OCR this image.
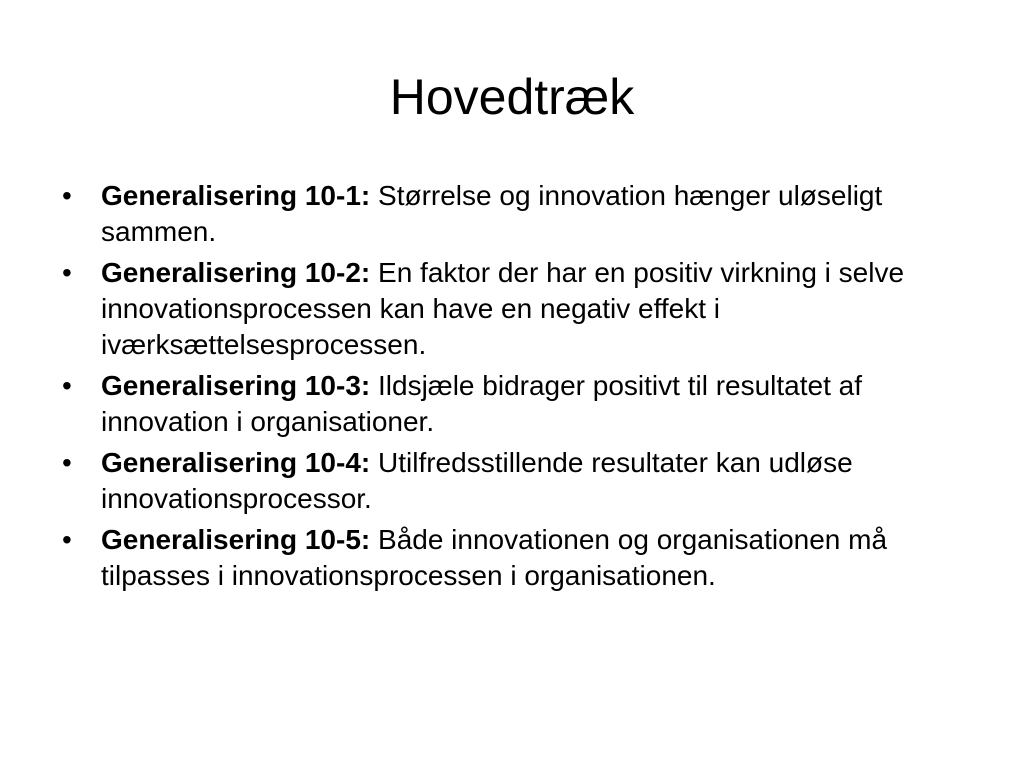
Hovedtræk
•	Generalisering 10-1: Størrelse og innovation hænger uløseligt sammen.
•	Generalisering 10-2: En faktor der har en positiv virkning i selve innovationsprocessen kan have en negativ effekt i iværksættelsesprocessen.
•	Generalisering 10-3: Ildsjæle bidrager positivt til resultatet af innovation i organisationer.
•	Generalisering 10-4: Utilfredsstillende resultater kan udløse innovationsprocessor.
•	Generalisering 10-5: Både innovationen og organisationen må tilpasses i innovationsprocessen i organisationen.
